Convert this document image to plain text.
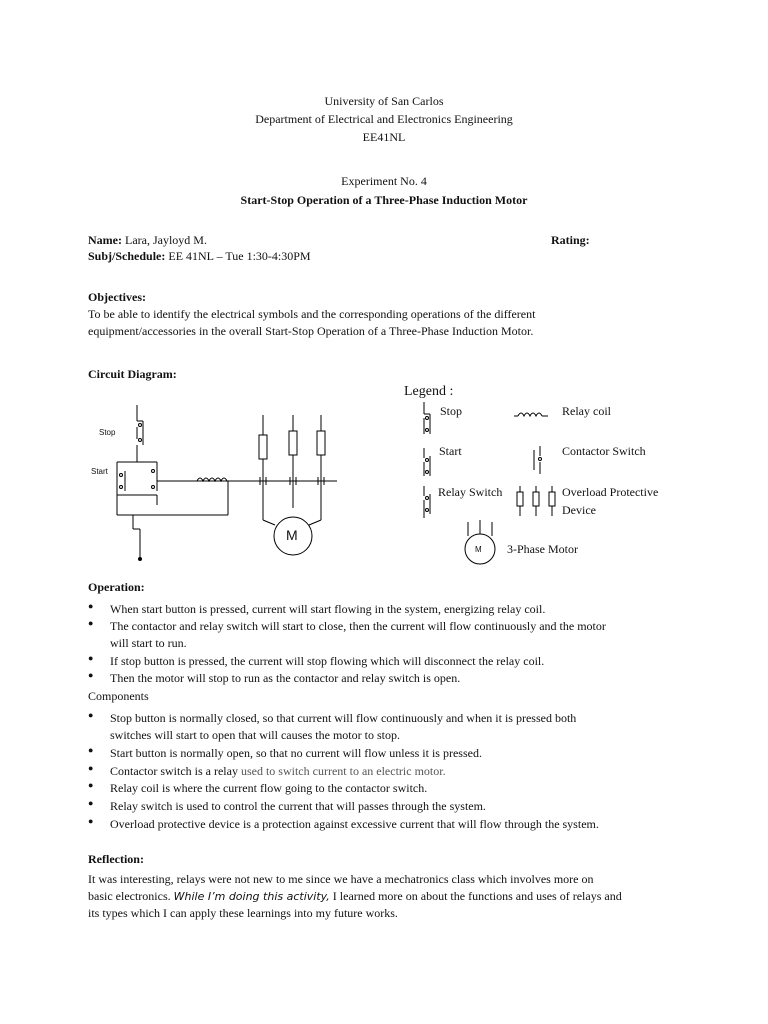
University of San Carlos
Department of Electrical and Electronics Engineering
EE41NL
Experiment No. 4
Start-Stop Operation of a Three-Phase Induction Motor
Name: Lara, Jayloyd M.	Rating:
Subj/Schedule: EE 41NL – Tue 1:30-4:30PM
Objectives:
To be able to identify the electrical symbols and the corresponding operations of the different
equipment/accessories in the overall Start-Stop Operation of a Three-Phase Induction Motor.
Circuit Diagram:
Stop
Start
M
Legend :
Stop	Relay coil
Start	Contactor Switch
Relay Switch	Overload Protective
Device
M 3-Phase Motor
Operation:
● When start button is pressed, current will start flowing in the system, energizing relay coil.
● The contactor and relay switch will start to close, then the current will flow continuously and the motor
will start to run.
● If stop button is pressed, the current will stop flowing which will disconnect the relay coil.
● Then the motor will stop to run as the contactor and relay switch is open.
Components
● Stop button is normally closed, so that current will flow continuously and when it is pressed both
switches will start to open that will causes the motor to stop.
● Start button is normally open, so that no current will flow unless it is pressed.
● Contactor switch is a relay used to switch current to an electric motor.
● Relay coil is where the current flow going to the contactor switch.
● Relay switch is used to control the current that will passes through the system.
● Overload protective device is a protection against excessive current that will flow through the system.
Reflection:
It was interesting, relays were not new to me since we have a mechatronics class which involves more on
basic electronics. While I’m doing this activity, I learned more on about the functions and uses of relays and
its types which I can apply these learnings into my future works.
